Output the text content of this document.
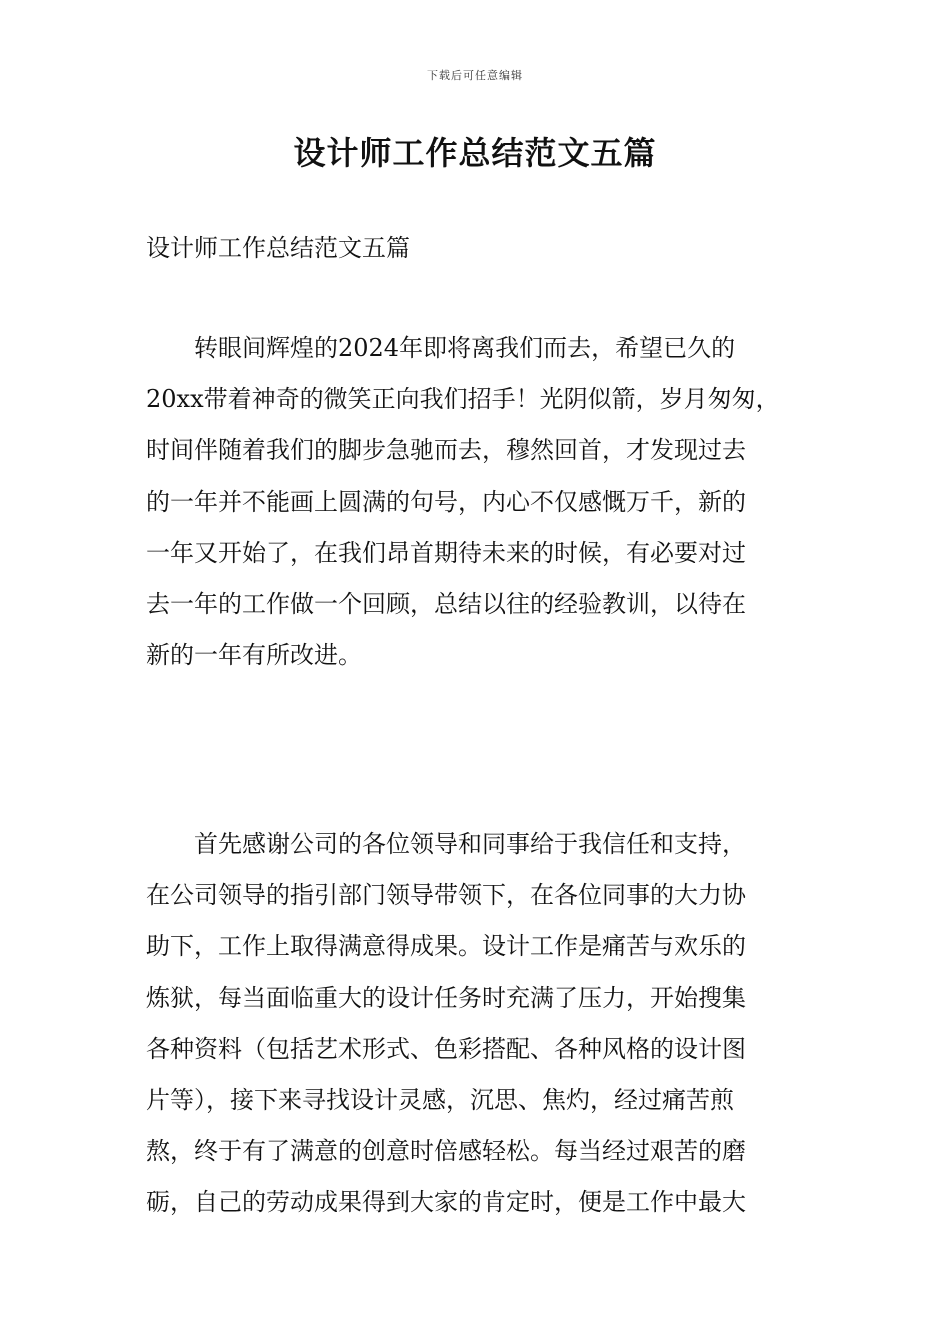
下载后可任意编辑
设计师工作总结范文五篇

设计师工作总结范文五篇

　　转眼间辉煌的2024年即将离我们而去，希望已久的
20xx带着神奇的微笑正向我们招手！光阴似箭，岁月匆匆，
时间伴随着我们的脚步急驰而去，穆然回首，才发现过去
的一年并不能画上圆满的句号，内心不仅感慨万千，新的
一年又开始了，在我们昂首期待未来的时候，有必要对过
去一年的工作做一个回顾，总结以往的经验教训，以待在
新的一年有所改进。

　　首先感谢公司的各位领导和同事给于我信任和支持，
在公司领导的指引部门领导带领下，在各位同事的大力协
助下，工作上取得满意得成果。设计工作是痛苦与欢乐的
炼狱，每当面临重大的设计任务时充满了压力，开始搜集
各种资料（包括艺术形式、色彩搭配、各种风格的设计图
片等），接下来寻找设计灵感，沉思、焦灼，经过痛苦煎
熬，终于有了满意的创意时倍感轻松。每当经过艰苦的磨
砺，自己的劳动成果得到大家的肯定时，便是工作中最大
